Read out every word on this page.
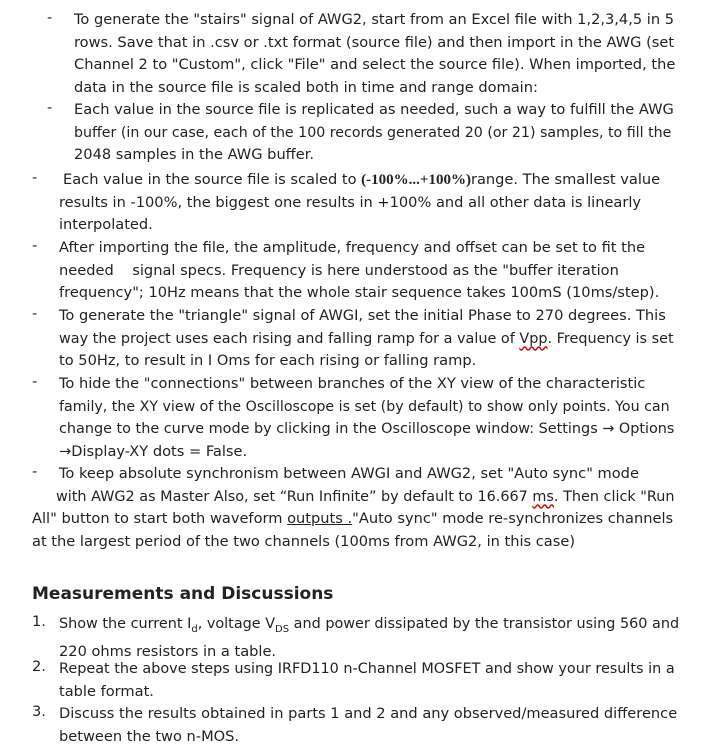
-	To generate the "stairs" signal of AWG2, start from an Excel file with 1,2,3,4,5 in 5
rows. Save that in .csv or .txt format (source file) and then import in the AWG (set
Channel 2 to "Custom", click "File" and select the source file). When imported, the
data in the source file is scaled both in time and range domain:
-	Each value in the source file is replicated as needed, such a way to fulfill the AWG
buffer (in our case, each of the 100 records generated 20 (or 21) samples, to fill the
2048 samples in the AWG buffer.
-	Each value in the source file is scaled to (-100%...+100%)range. The smallest value
results in -100%, the biggest one results in +100% and all other data is linearly
interpolated.
-	After importing the file, the amplitude, frequency and offset can be set to fit the
needed    signal specs. Frequency is here understood as the "buffer iteration
frequency"; 10Hz means that the whole stair sequence takes 100mS (10ms/step).
-	To generate the "triangle" signal of AWGI, set the initial Phase to 270 degrees. This
way the project uses each rising and falling ramp for a value of Vpp. Frequency is set
to 50Hz, to result in I Oms for each rising or falling ramp.
-	To hide the "connections" between branches of the XY view of the characteristic
family, the XY view of the Oscilloscope is set (by default) to show only points. You can
change to the curve mode by clicking in the Oscilloscope window: Settings → Options
→Display-XY dots = False.
-	To keep absolute synchronism between AWGI and AWG2, set "Auto sync" mode
with AWG2 as Master Also, set “Run Infinite” by default to 16.667 ms. Then click "Run
All" button to start both waveform outputs ."Auto sync" mode re-synchronizes channels
at the largest period of the two channels (100ms from AWG2, in this case)
Measurements and Discussions
1. Show the current $I_d$, voltage $V_{DS}$ and power dissipated by the transistor using 560 and
220 ohms resistors in a table.
2. Repeat the above steps using IRFD110 n-Channel MOSFET and show your results in a
table format.
3. Discuss the results obtained in parts 1 and 2 and any observed/measured difference
between the two n-MOS.
